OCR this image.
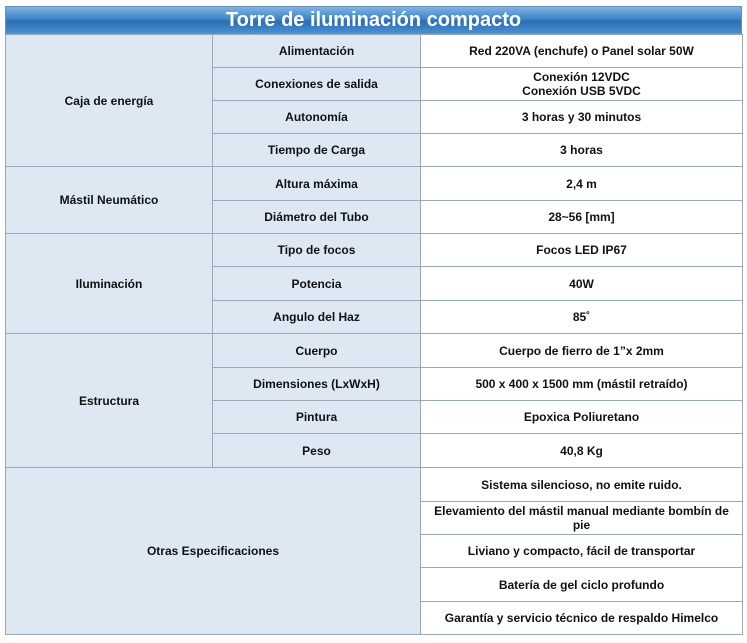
Torre de iluminación compacto
Caja de energía	Alimentación	Red 220VA (enchufe) o Panel solar 50W
	Conexiones de salida	Conexión 12VDC
Conexión USB 5VDC

	Autonomía	3 horas y 30 minutos
	Tiempo de Carga	3 horas
Mástil Neumático	Altura máxima	2,4 m
	Diámetro del Tubo	28~56 [mm]
Iluminación	Tipo de focos	Focos LED IP67
	Potencia	40W
	Angulo del Haz	85˚
Estructura	Cuerpo	Cuerpo de fierro de 1”x 2mm
	Dimensiones (LxWxH)	500 x 400 x 1500 mm (mástil retraído)
	Pintura	Epoxica Poliuretano
	Peso	40,8 Kg
Otras Especificaciones		Sistema silencioso, no emite ruido.
		Elevamiento del mástil manual mediante bombín de pie
		Liviano y compacto, fácil de transportar
		Batería de gel ciclo profundo
		Garantía y servicio técnico de respaldo Himelco
